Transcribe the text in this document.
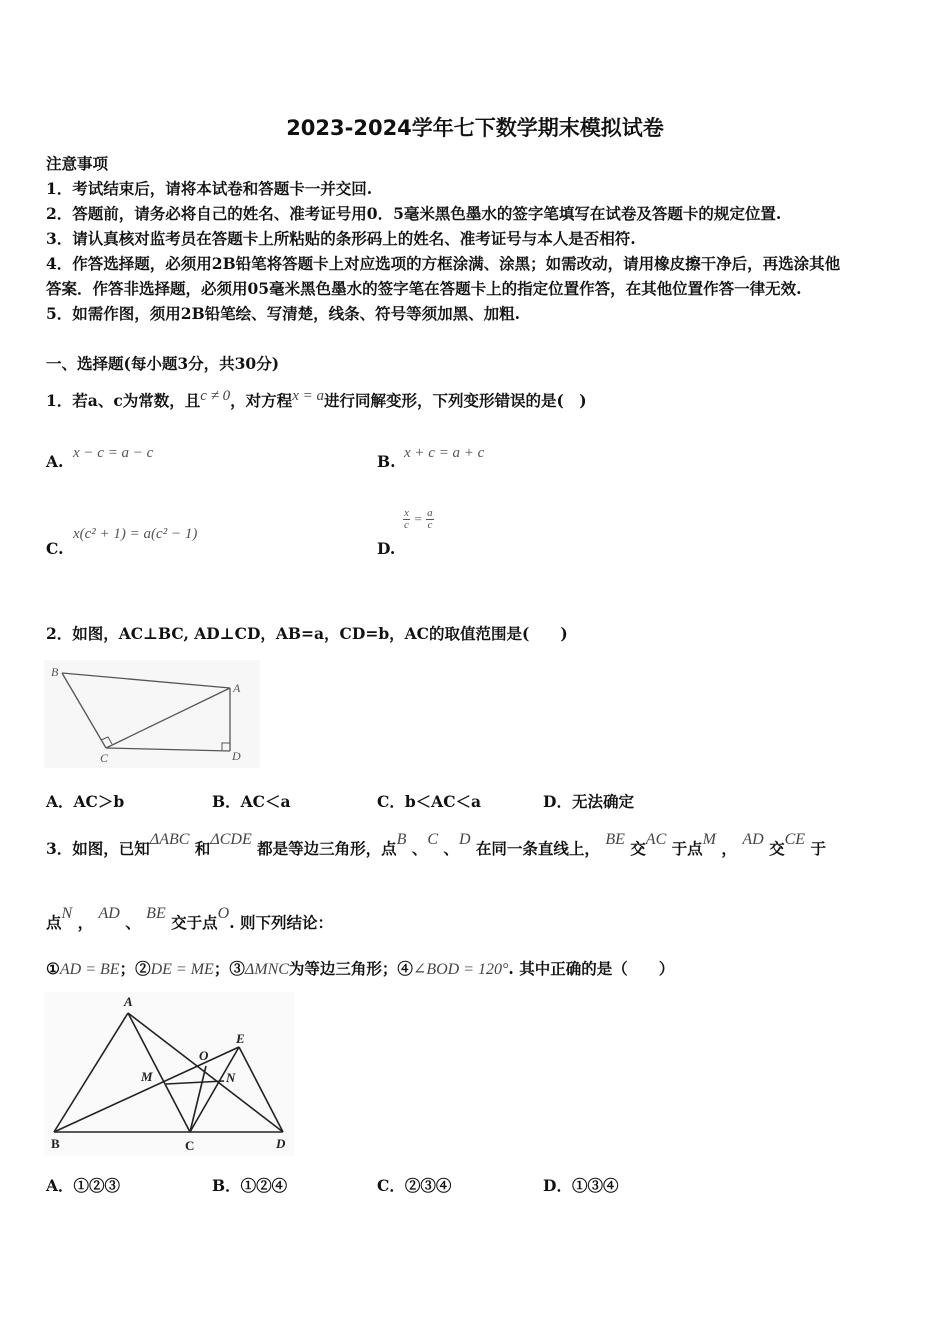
2023-2024学年七下数学期末模拟试卷
注意事项
1．考试结束后，请将本试卷和答题卡一并交回.
2．答题前，请务必将自己的姓名、准考证号用0．5毫米黑色墨水的签字笔填写在试卷及答题卡的规定位置.
3．请认真核对监考员在答题卡上所粘贴的条形码上的姓名、准考证号与本人是否相符.
4．作答选择题，必须用2B铅笔将答题卡上对应选项的方框涂满、涂黑；如需改动，请用橡皮擦干净后，再选涂其他
答案．作答非选择题，必须用05毫米黑色墨水的签字笔在答题卡上的指定位置作答，在其他位置作答一律无效.
5．如需作图，须用2B铅笔绘、写清楚，线条、符号等须加黑、加粗.
一、选择题(每小题3分，共30分)
1．若a、c为常数，且c ≠ 0，对方程x = a进行同解变形，下列变形错误的是(　)
A. x − c = a − c	B. x + c = a + c
C.
x(c² + 1) = a(c² − 1)
D.
$\frac{x}{c} = \frac{a}{c}$
2．如图，AC⊥BC, AD⊥CD，AB=a，CD=b，AC的取值范围是(　　)
B
A
C	D
A．AC＞b	B．AC＜a	C．b＜AC＜a	D．无法确定
3．如图，已知ΔABC 和ΔCDE 都是等边三角形，点B 、C 、D 在同一条直线上， BE 交AC 于点M ， AD 交CE 于
点N ， AD 、 BE 交于点O. 则下列结论：
①AD = BE；②DE = ME；③ΔMNC为等边三角形；④∠BOD = 120°. 其中正确的是（　　）
A
E
O
M	N
B	C	D
A．①②③	B．①②④	C．②③④	D．①③④
